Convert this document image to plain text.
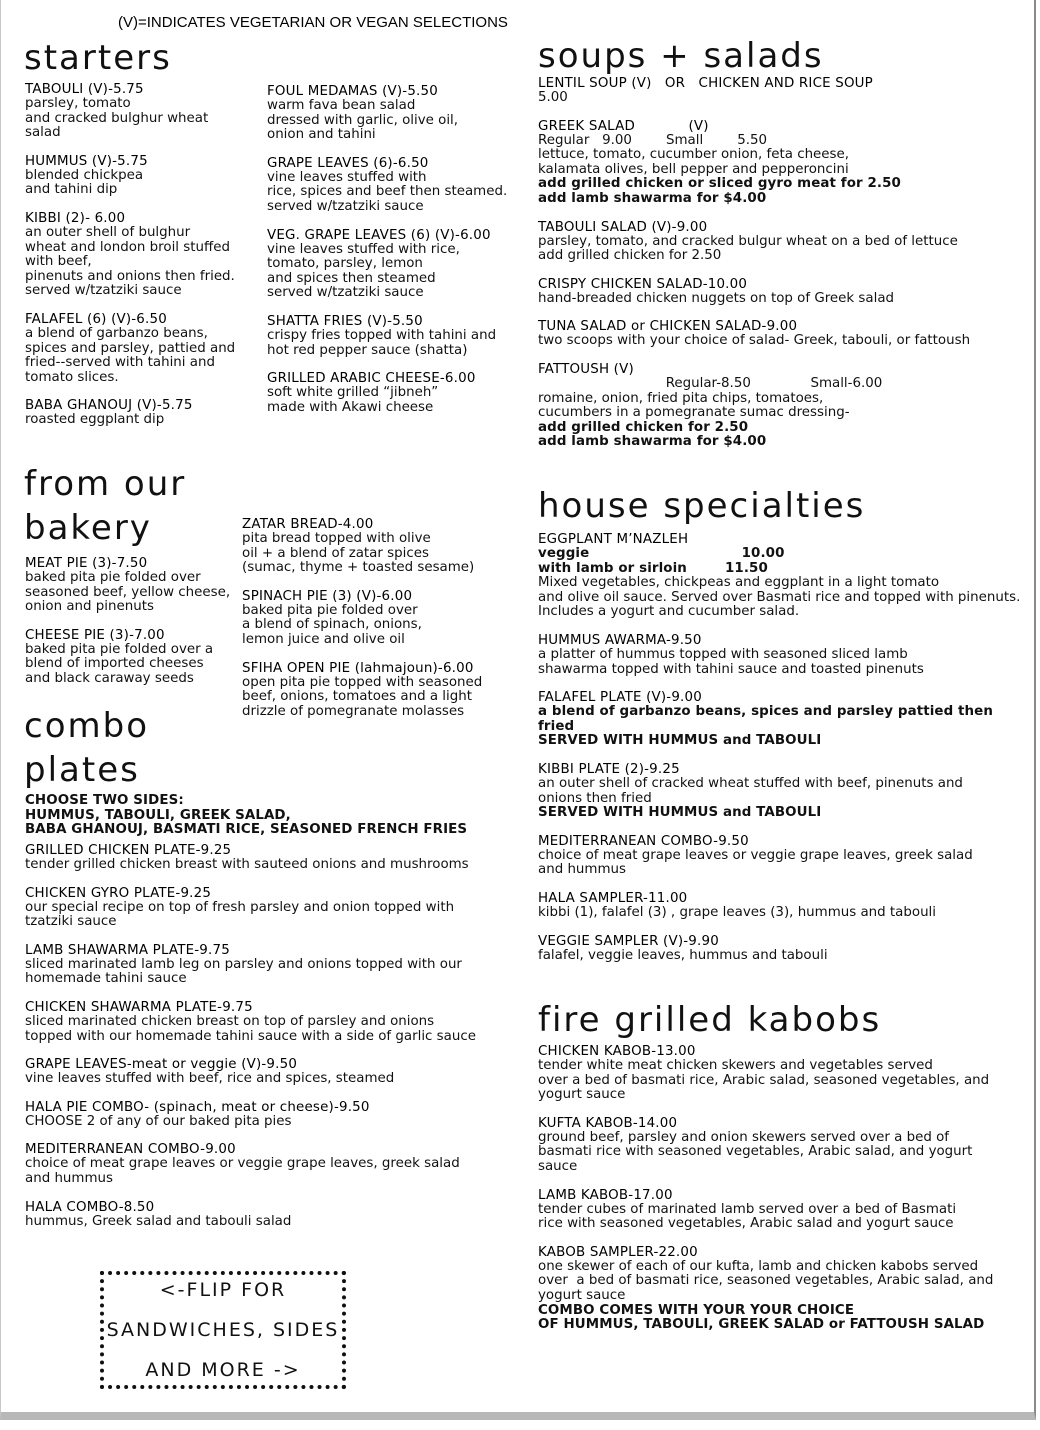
(V)=INDICATES VEGETARIAN OR VEGAN SELECTIONS

starters
TABOULI (V)-5.75
parsley, tomato
and cracked bulghur wheat
salad
HUMMUS (V)-5.75
blended chickpea
and tahini dip
KIBBI (2)- 6.00
an outer shell of bulghur
wheat and london broil stuffed
with beef,
pinenuts and onions then fried.
served w/tzatziki sauce
FALAFEL (6) (V)-6.50
a blend of garbanzo beans,
spices and parsley, pattied and
fried--served with tahini and
tomato slices.
BABA GHANOUJ (V)-5.75
roasted eggplant dip
FOUL MEDAMAS (V)-5.50
warm fava bean salad
dressed with garlic, olive oil,
onion and tahini
GRAPE LEAVES (6)-6.50
vine leaves stuffed with
rice, spices and beef then steamed.
served w/tzatziki sauce
VEG. GRAPE LEAVES (6) (V)-6.00
vine leaves stuffed with rice,
tomato, parsley, lemon
and spices then steamed
served w/tzatziki sauce
SHATTA FRIES (V)-5.50
crispy fries topped with tahini and
hot red pepper sauce (shatta)
GRILLED ARABIC CHEESE-6.00
soft white grilled “jibneh”
made with Akawi cheese
from our
bakery
MEAT PIE (3)-7.50
baked pita pie folded over
seasoned beef, yellow cheese,
onion and pinenuts
CHEESE PIE (3)-7.00
baked pita pie folded over a
blend of imported cheeses
and black caraway seeds
ZATAR BREAD-4.00
pita bread topped with olive
oil + a blend of zatar spices
(sumac, thyme + toasted sesame)
SPINACH PIE (3) (V)-6.00
baked pita pie folded over
a blend of spinach, onions,
lemon juice and olive oil
SFIHA OPEN PIE (lahmajoun)-6.00
open pita pie topped with seasoned
beef, onions, tomatoes and a light
drizzle of pomegranate molasses
combo
plates
CHOOSE TWO SIDES:
HUMMUS, TABOULI, GREEK SALAD,
BABA GHANOUJ, BASMATI RICE, SEASONED FRENCH FRIES
GRILLED CHICKEN PLATE-9.25
tender grilled chicken breast with sauteed onions and mushrooms
CHICKEN GYRO PLATE-9.25
our special recipe on top of fresh parsley and onion topped with
tzatziki sauce
LAMB SHAWARMA PLATE-9.75
sliced marinated lamb leg on parsley and onions topped with our
homemade tahini sauce
CHICKEN SHAWARMA PLATE-9.75
sliced marinated chicken breast on top of parsley and onions
topped with our homemade tahini sauce with a side of garlic sauce
GRAPE LEAVES-meat or veggie (V)-9.50
vine leaves stuffed with beef, rice and spices, steamed
HALA PIE COMBO- (spinach, meat or cheese)-9.50
CHOOSE 2 of any of our baked pita pies
MEDITERRANEAN COMBO-9.00
choice of meat grape leaves or veggie grape leaves, greek salad
and hummus
HALA COMBO-8.50
hummus, Greek salad and tabouli salad
<-FLIP FOR
SANDWICHES, SIDES
AND MORE ->
soups + salads
LENTIL SOUP (V)   OR   CHICKEN AND RICE SOUP
5.00
GREEK SALAD            (V)
Regular   9.00        Small        5.50
lettuce, tomato, cucumber onion, feta cheese,
kalamata olives, bell pepper and pepperoncini
add grilled chicken or sliced gyro meat for 2.50
add lamb shawarma for $4.00
TABOULI SALAD (V)-9.00
parsley, tomato, and cracked bulgur wheat on a bed of lettuce
add grilled chicken for 2.50
CRISPY CHICKEN SALAD-10.00
hand-breaded chicken nuggets on top of Greek salad
TUNA SALAD or CHICKEN SALAD-9.00
two scoops with your choice of salad- Greek, tabouli, or fattoush
FATTOUSH (V)
Regular-8.50              Small-6.00
romaine, onion, fried pita chips, tomatoes,
cucumbers in a pomegranate sumac dressing-
add grilled chicken for 2.50
add lamb shawarma for $4.00
house specialties
EGGPLANT M’NAZLEH
veggie                                10.00
with lamb or sirloin        11.50
Mixed vegetables, chickpeas and eggplant in a light tomato
and olive oil sauce. Served over Basmati rice and topped with pinenuts.
Includes a yogurt and cucumber salad.
HUMMUS AWARMA-9.50
a platter of hummus topped with seasoned sliced lamb
shawarma topped with tahini sauce and toasted pinenuts
FALAFEL PLATE (V)-9.00
a blend of garbanzo beans, spices and parsley pattied then fried
SERVED WITH HUMMUS and TABOULI
KIBBI PLATE (2)-9.25
an outer shell of cracked wheat stuffed with beef, pinenuts and
onions then fried
SERVED WITH HUMMUS and TABOULI
MEDITERRANEAN COMBO-9.50
choice of meat grape leaves or veggie grape leaves, greek salad
and hummus
HALA SAMPLER-11.00
kibbi (1), falafel (3) , grape leaves (3), hummus and tabouli
VEGGIE SAMPLER (V)-9.90
falafel, veggie leaves, hummus and tabouli
fire grilled kabobs
CHICKEN KABOB-13.00
tender white meat chicken skewers and vegetables served
over a bed of basmati rice, Arabic salad, seasoned vegetables, and
yogurt sauce
KUFTA KABOB-14.00
ground beef, parsley and onion skewers served over a bed of
basmati rice with seasoned vegetables, Arabic salad, and yogurt
sauce
LAMB KABOB-17.00
tender cubes of marinated lamb served over a bed of Basmati
rice with seasoned vegetables, Arabic salad and yogurt sauce
KABOB SAMPLER-22.00
one skewer of each of our kufta, lamb and chicken kabobs served
over  a bed of basmati rice, seasoned vegetables, Arabic salad, and
yogurt sauce
COMBO COMES WITH YOUR YOUR CHOICE
OF HUMMUS, TABOULI, GREEK SALAD or FATTOUSH SALAD
